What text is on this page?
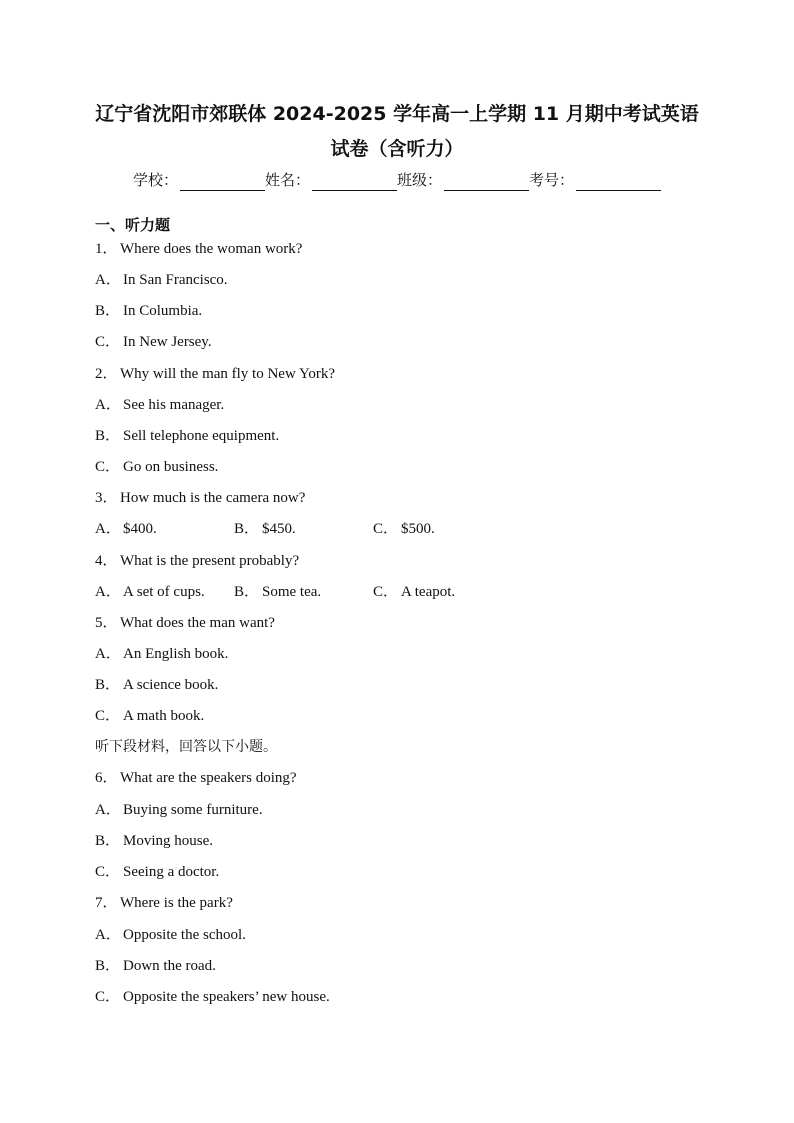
辽宁省沈阳市郊联体 2024-2025 学年高一上学期 11 月期中考试英语
试卷（含听力）
学校：	姓名：	班级：	考号：
一、听力题
1． Where does the woman work?
A． In San Francisco.
B． In Columbia.
C． In New Jersey.
2． Why will the man fly to New York?
A． See his manager.
B． Sell telephone equipment.
C． Go on business.
3． How much is the camera now?
A． $400.	B． $450.	C． $500.
4． What is the present probably?
A． A set of cups.	B． Some tea.	C． A teapot.
5． What does the man want?
A． An English book.
B． A science book.
C． A math book.
听下段材料，回答以下小题。
6． What are the speakers doing?
A． Buying some furniture.
B． Moving house.
C． Seeing a doctor.
7． Where is the park?
A． Opposite the school.
B． Down the road.
C． Opposite the speakers’ new house.
